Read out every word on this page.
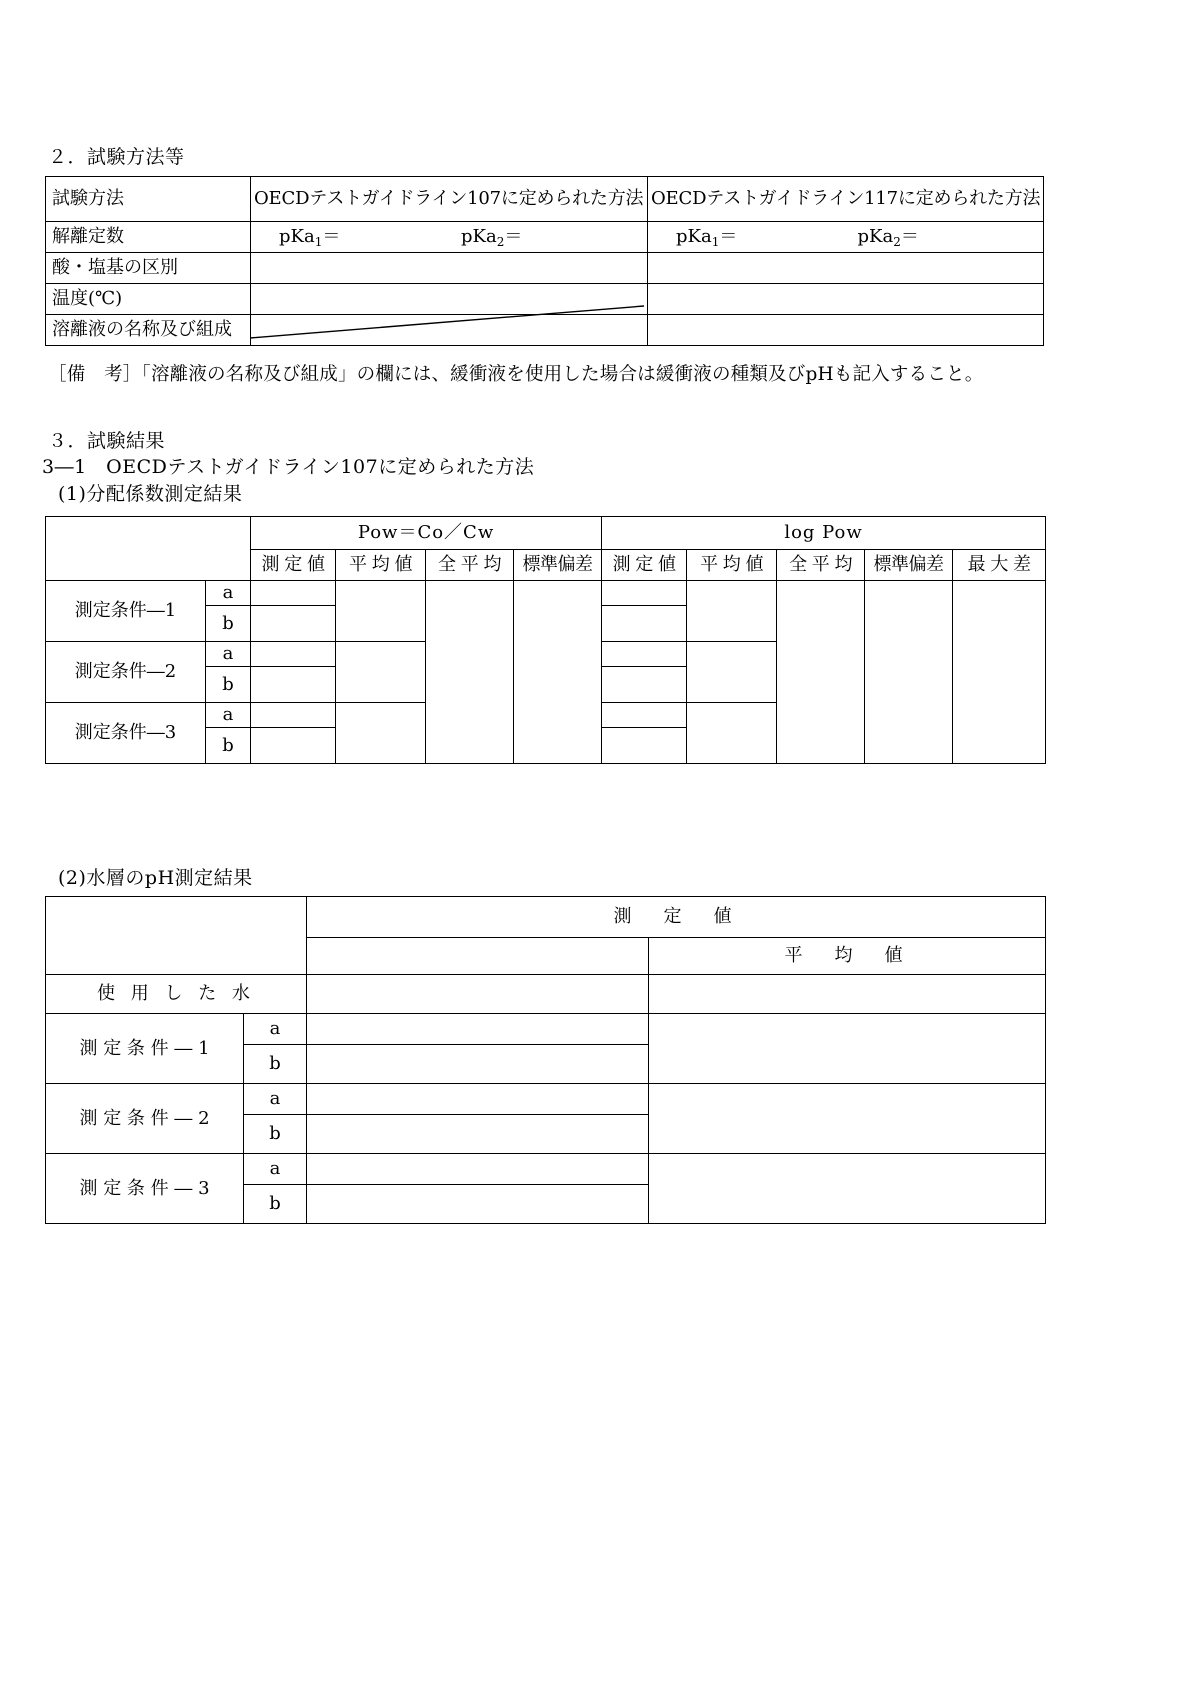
２．試験方法等
試験方法	OECDテストガイドライン107に定められた方法	OECDテストガイドライン117に定められた方法
解離定数	pKa$_1$＝ pKa$_2$＝	pKa$_1$＝ pKa$_2$＝

酸・塩基の区別		
温度(℃)		
溶離液の名称及び組成		
［備　考］「溶離液の名称及び組成」の欄には、緩衝液を使用した場合は緩衝液の種類及びpHも記入すること。
３．試験結果
3―1　OECDテストガイドライン107に定められた方法
(1)分配係数測定結果
		Pow＝Co／Cw				log Pow				
		測 定 値	平 均 値	全 平 均	標準偏差	測 定 値	平 均 値	全 平 均	標準偏差	最 大 差
測定条件―1	a									
	b									
測定条件―2	a									
	b									
測定条件―3	a									
	b									
(2)水層のpH測定結果
		測　定　値	
			平　均　値
使 用 し た 水			
測 定 条 件 ― 1	a		
	b		
測 定 条 件 ― 2	a		
	b		
測 定 条 件 ― 3	a		
	b		
